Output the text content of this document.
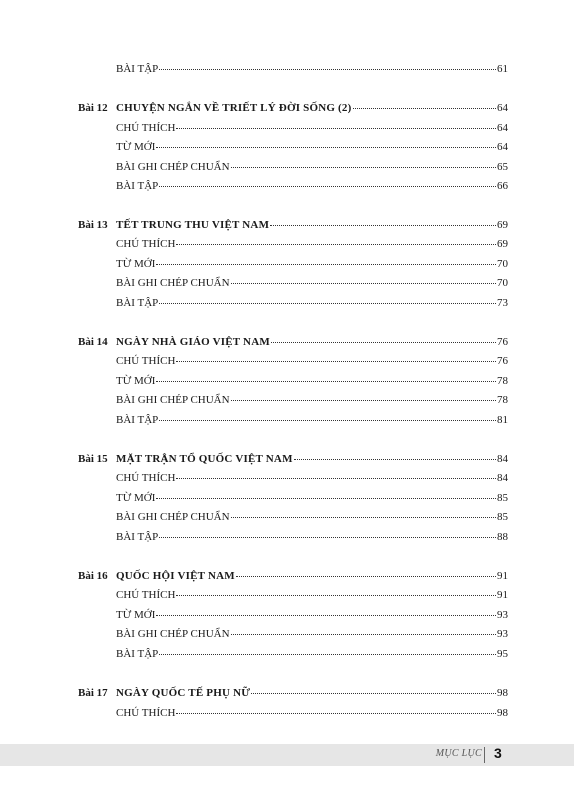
BÀI TẬP	61
Bài 12 CHUYỆN NGẮN VỀ TRIẾT LÝ ĐỜI SỐNG (2)	64
CHÚ THÍCH	64
TỪ MỚI	64
BÀI GHI CHÉP CHUẨN	65
BÀI TẬP	66
Bài 13 TẾT TRUNG THU VIỆT NAM	69
CHÚ THÍCH	69
TỪ MỚI	70
BÀI GHI CHÉP CHUẨN	70
BÀI TẬP	73
Bài 14 NGÀY NHÀ GIÁO VIỆT NAM	76
CHÚ THÍCH	76
TỪ MỚI	78
BÀI GHI CHÉP CHUẨN	78
BÀI TẬP	81
Bài 15 MẶT TRẬN TỔ QUỐC VIỆT NAM	84
CHÚ THÍCH	84
TỪ MỚI	85
BÀI GHI CHÉP CHUẨN	85
BÀI TẬP	88
Bài 16 QUỐC HỘI VIỆT NAM	91
CHÚ THÍCH	91
TỪ MỚI	93
BÀI GHI CHÉP CHUẨN	93
BÀI TẬP	95
Bài 17 NGÀY QUỐC TẾ PHỤ NỮ	98
CHÚ THÍCH	98
MỤC LỤC 3
